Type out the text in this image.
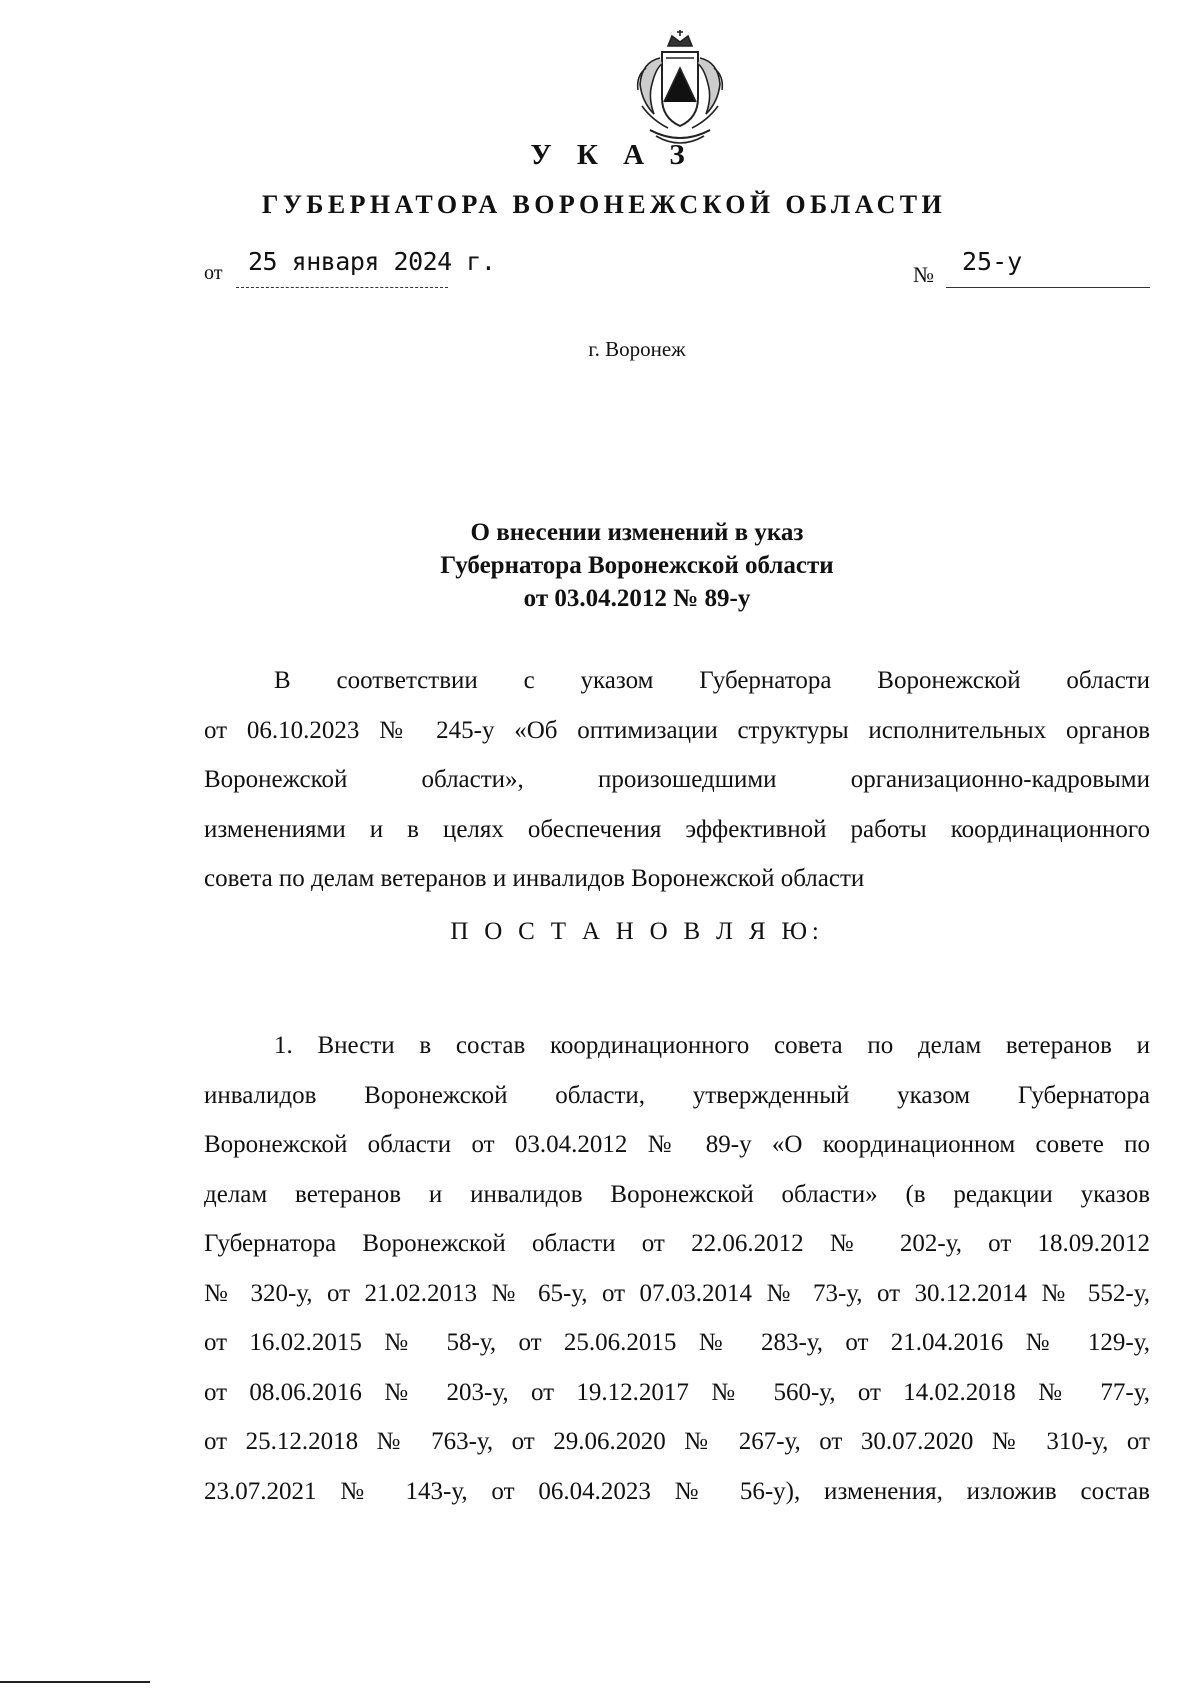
У К А З
ГУБЕРНАТОРА ВОРОНЕЖСКОЙ ОБЛАСТИ
от 25 января 2024 г.	№ 25-у
г. Воронеж
О внесении изменений в указ
Губернатора Воронежской области
от 03.04.2012 № 89-у
В соответствии с указом Губернатора Воронежской области
от 06.10.2023 № 245-у «Об оптимизации структуры исполнительных органов
Воронежской области», произошедшими организационно-кадровыми
изменениями и в целях обеспечения эффективной работы координационного
совета по делам ветеранов и инвалидов Воронежской области
П О С Т А Н О В Л Я Ю:
1. Внести в состав координационного совета по делам ветеранов и
инвалидов Воронежской области, утвержденный указом Губернатора
Воронежской области от 03.04.2012 № 89-у «О координационном совете по
делам ветеранов и инвалидов Воронежской области» (в редакции указов
Губернатора Воронежской области от 22.06.2012 № 202-у, от 18.09.2012
№ 320-у, от 21.02.2013 № 65-у, от 07.03.2014 № 73-у, от 30.12.2014 № 552-у,
от 16.02.2015 № 58-у, от 25.06.2015 № 283-у, от 21.04.2016 № 129-у,
от 08.06.2016 № 203-у, от 19.12.2017 № 560-у, от 14.02.2018 № 77-у,
от 25.12.2018 № 763-у, от 29.06.2020 № 267-у, от 30.07.2020 № 310-у, от
23.07.2021 № 143-у, от 06.04.2023 № 56-у), изменения, изложив состав
